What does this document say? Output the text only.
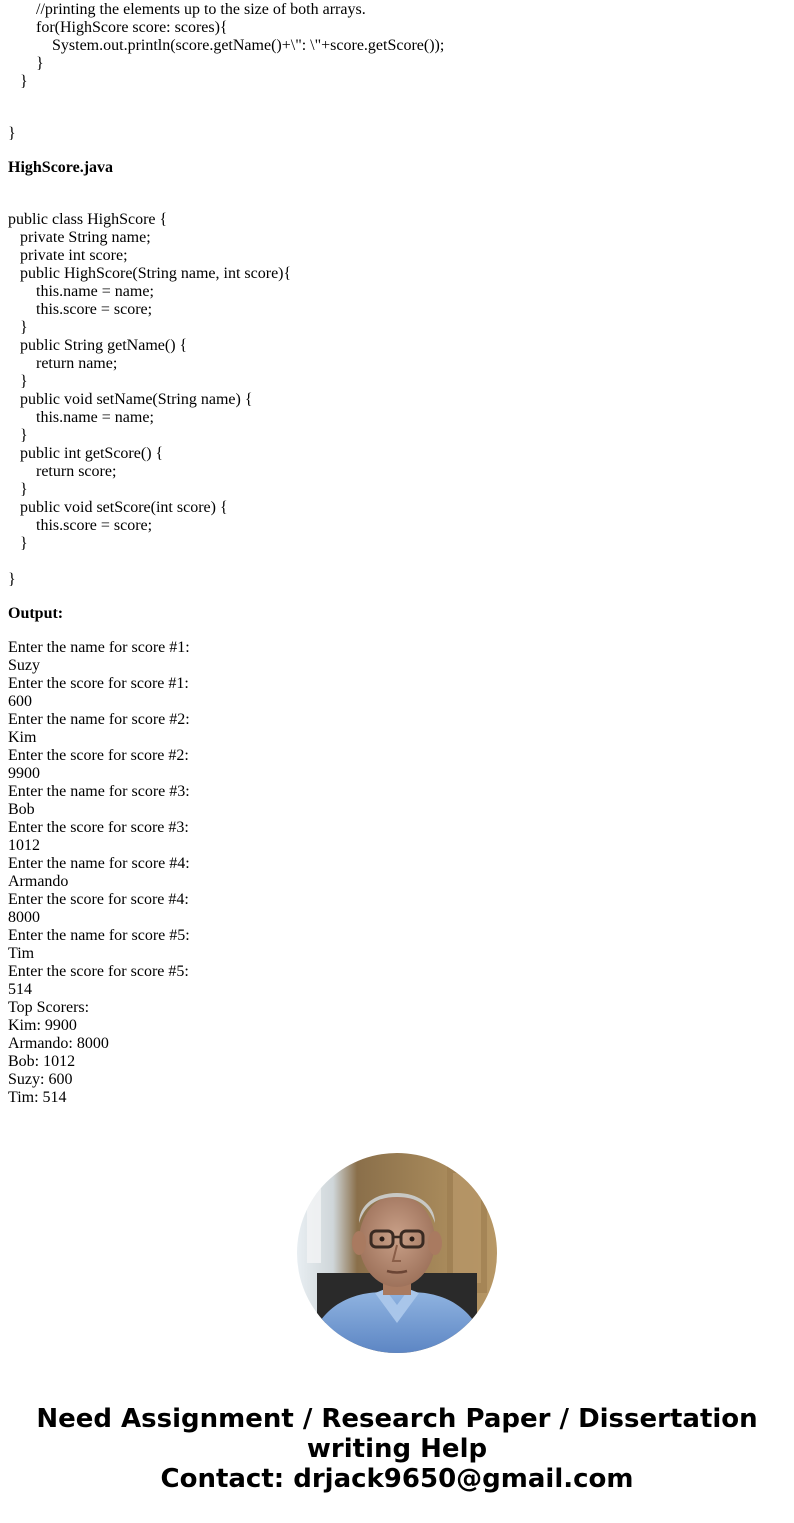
//printing the elements up to the size of both arrays.
for(HighScore score: scores){
System.out.println(score.getName()+\": \"+score.getScore());
}
}
}
HighScore.java
public class HighScore {
private String name;
private int score;
public HighScore(String name, int score){
this.name = name;
this.score = score;
}
public String getName() {
return name;
}
public void setName(String name) {
this.name = name;
}
public int getScore() {
return score;
}
public void setScore(int score) {
this.score = score;
}
}
Output:
Enter the name for score #1:
Suzy
Enter the score for score #1:
600
Enter the name for score #2:
Kim
Enter the score for score #2:
9900
Enter the name for score #3:
Bob
Enter the score for score #3:
1012
Enter the name for score #4:
Armando
Enter the score for score #4:
8000
Enter the name for score #5:
Tim
Enter the score for score #5:
514
Top Scorers:
Kim: 9900
Armando: 8000
Bob: 1012
Suzy: 600
Tim: 514
Need Assignment / Research Paper / Dissertation
writing Help
Contact: drjack9650@gmail.com
